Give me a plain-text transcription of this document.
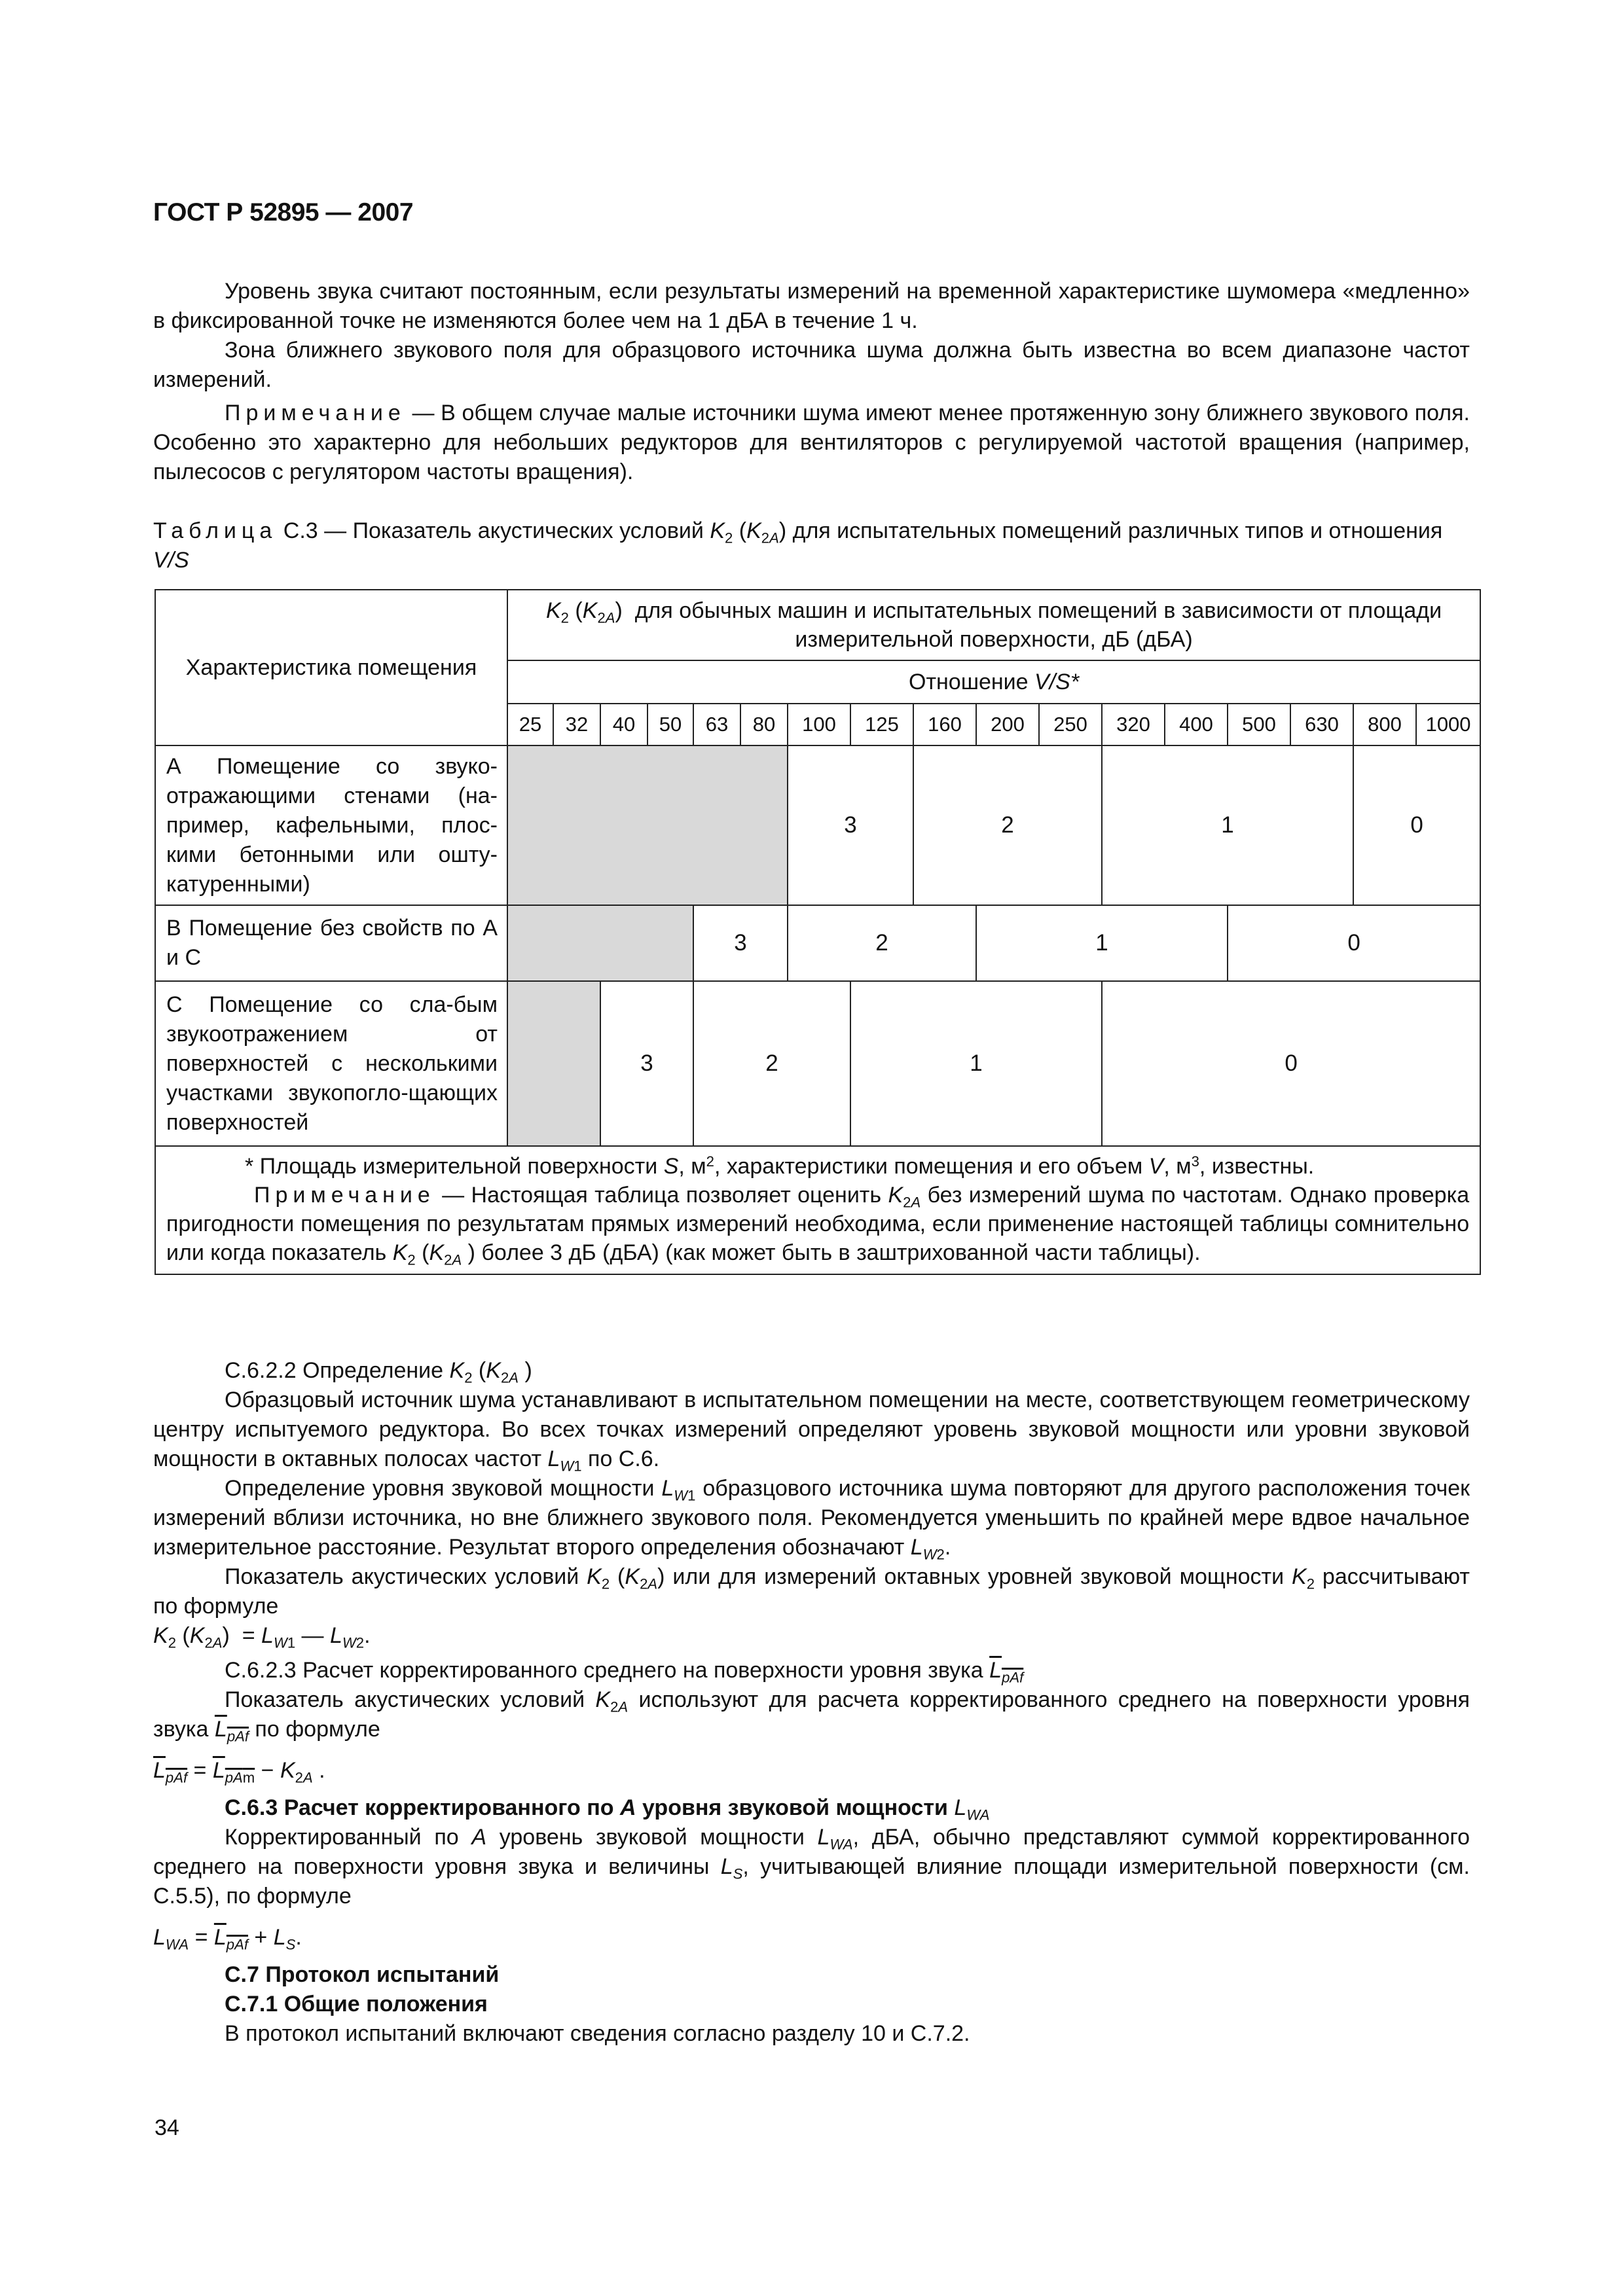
ГОСТ Р 52895 — 2007

Уровень звука считают постоянным, если результаты измерений на временной характеристике шумомера «медленно» в фиксированной точке не изменяются более чем на 1 дБА в течение 1 ч.

Зона ближнего звукового поля для образцового источника шума должна быть известна во всем диапазоне частот измерений.

Примечание — В общем случае малые источники шума имеют менее протяженную зону ближнего звукового поля. Особенно это характерно для небольших редукторов для вентиляторов с регулируемой частотой вращения (например, пылесосов с регулятором частоты вращения).

Таблица С.3 — Показатель акустических условий $K_2$ $(K_{2A})$ для испытательных помещений различных типов и отношения V/S
Характеристика помещения	$K_2$ $(K_{2A})$  для обычных машин и испытательных помещений в зависимости от площади измерительной поверхности, дБ (дБА)																
	Отношение V/S*																
	25	32	40	50	63	80	100	125	160	200	250	320	400	500	630	800	1000
А Помещение со звуко-отражающими стенами (на-пример, кафельными, плос-кими бетонными или ошту-катуренными)							3		2			1				0	
В Помещение без свойств по А и С					3		2			1				0			
С Помещение со сла-бым звукоотражением от поверхностей с несколькими участками звукопогло-щающих поверхностей			3		2			1				0					

* Площадь измерительной поверхности S, $м^2$, характеристики помещения и его объем V, $м^3$, известны.

Примечание — Настоящая таблица позволяет оценить $K_{2A}$ без измерений шума по частотам. Однако проверка пригодности помещения по результатам прямых измерений необходима, если применение настоящей таблицы сомнительно или когда показатель $K_2$ ($K_{2A}$ ) более 3 дБ (дБА) (как может быть в заштрихованной части таблицы).																	

С.6.2.2 Определение $K_2$ ($K_{2A}$ )

Образцовый источник шума устанавливают в испытательном помещении на месте, соответствующем геометрическому центру испытуемого редуктора. Во всех точках измерений определяют уровень звуковой мощности или уровни звуковой мощности в октавных полосах частот $L_{W1}$ по С.6.

Определение уровня звуковой мощности $L_{W1}$ образцового источника шума повторяют для другого расположения точек измерений вблизи источника, но вне ближнего звукового поля. Рекомендуется уменьшить по крайней мере вдвое начальное измерительное расстояние. Результат второго определения обозначают $L_{W2}$.

Показатель акустических условий $K_2$ $(K_{2A})$ или для измерений октавных уровней звуковой мощности $K_2$ рассчитывают по формуле

$K_2$ $(K_{2A}) = L_{W1}$ — $L_{W2}$.

С.6.2.3 Расчет корректированного среднего на поверхности уровня звука $L_{pAf}$

Показатель акустических условий $K_{2A}$ используют для расчета корректированного среднего на поверхности уровня звука $L_{pAf}$ по формуле

$L_{pAf} = L_{pAm} - K_{2A}$ .

С.6.3 Расчет корректированного по A уровня звуковой мощности $L_{WA}$

Корректированный по A уровень звуковой мощности $L_{WA}$, дБА, обычно представляют суммой корректированного среднего на поверхности уровня звука и величины $L_S$, учитывающей влияние площади измерительной поверхности (см. С.5.5), по формуле

$L_{WA} = L_{pAf} + L_S$.

С.7 Протокол испытаний

С.7.1 Общие положения

В протокол испытаний включают сведения согласно разделу 10 и С.7.2.

34
